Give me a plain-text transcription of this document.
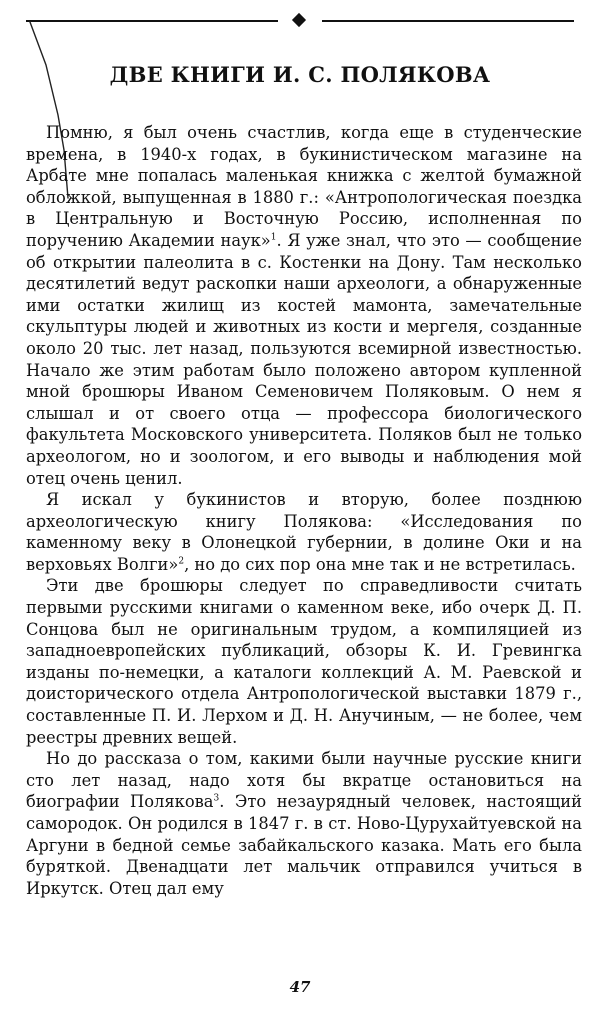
ДВЕ КНИГИ И. С. ПОЛЯКОВА

Помню, я был очень счастлив, когда еще в студенческие времена, в 1940-х годах, в букинистическом магазине на Арбате мне попалась маленькая книжка с желтой бумажной обложкой, выпущенная в 1880 г.: «Антропологическая поездка в Центральную и Восточную Россию, исполненная по поручению Академии наук»$^1$. Я уже знал, что это — сообщение об открытии палеолита в с. Костенки на Дону. Там несколько десятилетий ведут раскопки наши археологи, а обнаруженные ими остатки жилищ из костей мамонта, замечательные скульптуры людей и животных из кости и мергеля, созданные около 20 тыс. лет назад, пользуются всемирной известностью. Начало же этим работам было положено автором купленной мной брошюры Иваном Семеновичем Поляковым. О нем я слышал и от своего отца — профессора биологического факультета Московского университета. Поляков был не только археологом, но и зоологом, и его выводы и наблюдения мой отец очень ценил.

Я искал у букинистов и вторую, более позднюю археологическую книгу Полякова: «Исследования по каменному веку в Олонецкой губернии, в долине Оки и на верховьях Волги»$^2$, но до сих пор она мне так и не встретилась.

Эти две брошюры следует по справедливости считать первыми русскими книгами о каменном веке, ибо очерк Д. П. Сонцова был не оригинальным трудом, а компиляцией из западноевропейских публикаций, обзоры К. И. Гревингка изданы по-немецки, а каталоги коллекций А. М. Раевской и доисторического отдела Антропологической выставки 1879 г., составленные П. И. Лерхом и Д. Н. Анучиным, — не более, чем реестры древних вещей.

Но до рассказа о том, какими были научные русские книги сто лет назад, надо хотя бы вкратце остановиться на биографии Полякова$^3$. Это незаурядный человек, настоящий самородок. Он родился в 1847 г. в ст. Ново-Цурухайтуевской на Аргуни в бедной семье забайкальского казака. Мать его была буряткой. Двенадцати лет мальчик отправился учиться в Иркутск. Отец дал ему

47
